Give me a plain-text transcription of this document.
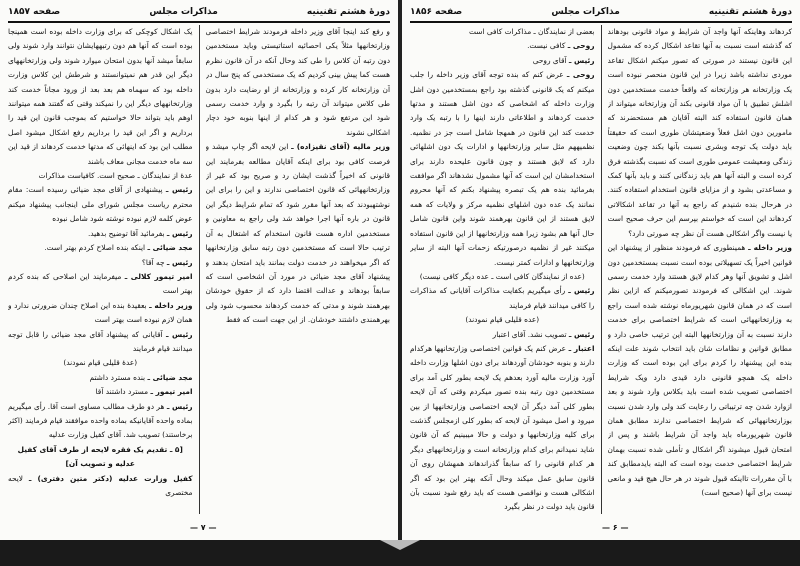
دورهٔ هشتم تقنینیه
مذاکرات مجلس
صفحه ۱۸۵۷

و رفع کند اینجا آقای وزیر داخله فرمودند شرایط اختصاصی وزارتخانهها مثلاً یکی احصائیه استاتیستی وباید مستخدمین دون رتبه آن کلاس را طی کند وحال آنکه در آن قانون نظرم هست کما پیش بینی کردیم که یک مستخدمی که پنج سال در آن وزارتخانه کار کرده و وزارتخانه از او رضایت دارد بدون طی کلاس میتواند آن رتبه را بگیرد و وارد خدمت رسمی شود این مرتفع شود و هر کدام از اینها بنوبه خود دچار اشکالی نشوند

وزیر مالیه (آقای نقیزاده) ـ این لایحه اگر چاپ میشد و فرصت کافی بود برای اینکه آقایان مطالعه بفرمایند این قانونی که اخیراً گذشت ایشان رد و صریح بود که غیر از وزارتخانههائی که قانون اختصاصی ندارند و این را برای این نوشتهبودند که بعد آنها مقرر شود که تمام شرایط دیگر این قانون در باره آنها اجرا خواهد شد ولی راجع به معاونین و مستخدمین اداره هست قانون استخدام که اشتغال به آن ترتیب حالا است که مستخدمین دون رتبه سابق وزارتخانهها که اگر میخواهند در خدمت دولت بمانند باید امتحان بدهند و پیشنهاد آقای مجد ضیائی در مورد آن اشخاصی است که سابقاً بودهاند و عدالت اقتضا دارد که از حقوق خودشان بهرهمند شوند و مدتی که خدمت کردهاند محسوب شود ولی بهرهمندی داشتند خودشان. از این جهت است که فقط

یک اشکال کوچکی که برای وزارت داخله بوده است همینجا بوده است که آنها هم دون رتبههایشان نتوانند وارد شوند ولی سابقاً میشد آنها بدون امتحان میوارد شوند ولی وزارتخانههای دیگر این قدر هم نمیتوانستند و شرطش این کلاس وزارت داخله بود که سهماه هم بعد بعد از ورود مجاناً خدمت کند وزارتخانههای دیگر این را نمیکند وقتی که گفتند همه میتوانند اوهم باید بتواند حالا خواستیم که بموجب قانون این قید را برداریم و اگر این قید را برداریم رفع اشکال میشود اصل مطلب این بود که اینهائی که مدتها خدمت کردهاند از قید این سه ماه خدمت مجانی معاف باشند

عدهٔ از نمایندگان ـ صحیح است. کافیاست مذاکرات

رئیس ـ پیشنهادی از آقای مجد ضیائی رسیده است: مقام محترم ریاست مجلس شورای ملی اینجانب پیشنهاد میکنم عوض کلمه لازم نبوده نوشته شود شامل نبوده

رئیس ـ بفرمائید آقا توضیح بدهید.

مجد ضیائی ـ اینکه بنده اصلاح کردم بهتر است.

رئیس ـ چه آقا؟

امیر تیمور کلالی ـ میفرمایند این اصلاحی که بنده کردم بهتر است

وزیر داخله ـ بعقیدهٔ بنده این اصلاح چندان ضرورتی ندارد و همان لازم نبوده است بهتر است

رئیس ـ آقایانی که پیشنهاد آقای مجد ضیائی را قابل توجه میدانند قیام فرمایند

(عدهٔ قلیلی قیام نمودند)

مجد ضیائی ـ بنده مسترد داشتم

امیر تیمور ـ مسترد داشتند آقا

رئیس ـ هر دو طرف مطالب مساوی است آقا. رأی میگیریم بماده واحده آقایانیکه بماده واحده موافقند قیام فرمایند (اکثر برخاستند) تصویب شد. آقای کفیل وزارت عدلیه

[۵ ـ تقدیم یک فقره لایحه از طرف آقای کفیل عدلیه و تصویب آن]

کفیل وزارت عدلیه (دکتر متین دفتری) ـ لایحه مختصری

— ۷ —
دورهٔ هشتم تقنینیه
مذاکرات مجلس
صفحه ۱۸۵۶

کردهاند وهاینکه آنها واجد آن شرایط و مواد قانونی بودهاند که گذشته است نسبت به آنها تقاعد اشکال کرده که مشمول این قانون نیستند در صورتی که تصور میکنم اشکال تقاعد موردی نداشته باشد زیرا در این قانون منحصر نبوده است یک وزارتخانه هر وزارتخانه که واقعاً خدمت مستخدمین دون اشلش تطبیق با آن مواد قانونی بکند آن وزارتخانه میتواند از همان قانون استفاده کند البته آقایان هم مستحضرند که مامورین دون اشل فعلاً وضعیتشان طوری است که حقیقتاً باید دولت یک توجه وبشری نسبت بآنها بکند چون وضعیت زندگی ومعیشت عمومی طوری است که نسبت بگذشته فرق کرده است و البته آنها هم باید زندگانی کنند و باید بآنها کمک و مساعدتی بشود و از مزایای قانون استخدام استفاده کنند. در هرحال بنده شنیدم که راجع به آنها در تقاعد اشکالاتی کردهاند این است که خواستم بپرسم این حرف صحیح است یا نیست واگر اشکالی هست آن نظر چه صورتی دارد؟

وزیر داخله ـ همینطوری که فرمودند منظور از پیشنهاد این قوانین اخیراً یک تسهیلاتی بوده است نسبت بمستخدمین دون اشل و تشویق آنها وهر کدام لایق هستند وارد خدمت رسمی شوند. این اشکالی که فرمودند تصورمیکنم که ازاین نظر است که در همان قانون شهریورماه نوشته شده است راجع به وزارتخانههائی است که شرایط اختصاصی برای خدمت دارند نسبت به آن وزارتخانهها البته این ترتیب خاصی دارد و مطابق قوانین و نظامات شان باید انتخاب شوند علت اینکه بنده این پیشنهاد را کردم برای این بوده است که وزارت داخله یک همچو قانونی دارد قیدی دارد ویک شرایط اختصاصی تصویب شده است باید بکلاس وارد شوند و بعد ازوارد شدن چه ترتیباتی را رعایت کند ولی وارد شدن نسبت بوزارتخانههائی که شرایط اختصاصی ندارند مطابق همان قانون شهریورماه باید واجد آن شرایط باشند و پس از امتحان قبول میشوند اگر اشکال و تأملی شده نسبت بهمان شرایط اختصاصی خدمت بوده است که البته بایدمطابق کند با آن مقررات تااینکه قبول شوند در هر حال هیچ قید و مانعی نیست برای آنها (صحیح است)

بعضی از نمایندگان ـ مذاکرات کافی است

روحی ـ کافی نیست.

رئیس ـ آقای روحی

روحی ـ عرض کنم که بنده توجه آقای وزیر داخله را جلب میکنم که یک قانونی گذشته بود راجع بمستخدمین دون اشل وزارت داخله که اشخاصی که دون اشل هستند و مدتها خدمت کردهاند و اطلاعاتی دارند اینها را با رتبه یک وارد خدمت کند این قانون در همهجا شامل است جز در نظمیه. نظمیههم مثل سایر وزارتخانهها و ادارات یک دون اشلهائی دارد که لایق هستند و چون قانون علیحده دارند برای استخدامشان این است که آنها مشمول نشدهاند اگر موافقت بفرمائید بنده هم یک تبصره پیشنهاد بکنم که آنها محروم نمانند یک عده دون اشلهای نظمیه مرکز و ولایات که همه لایق هستند از این قانون بهرهمند شوند واین قانون شامل حال آنها هم بشود زیرا همه وزارتخانهها از این قانون استفاده میکنند غیر از نظمیه درصورتیکه زحمات آنها البته از سایر وزارتخانهها و ادارات کمتر نیست.

(عده از نمایندگان کافی است ـ عده دیگر کافی نیست)

رئیس ـ رأی میگیریم بکفایت مذاکرات آقایانی که مذاکرات را کافی میدانند قیام فرمایند

(عده قلیلی قیام نمودند)

رئیس ـ تصویب نشد. آقای اعتبار

اعتبار ـ عرض کنم یک قوانین اختصاصی وزارتخانهها هرکدام دارند و بنوبه خودشان آوردهاند برای دون اشلها وزارت داخله آورد وزارت مالیه آورد بعدهم یک لایحه بطور کلی آمد برای مستخدمین دون رتبه بنده تصور میکردم وقتی که آن لایحه بطور کلی آمد دیگر آن لایحه اختصاصی وزارتخانهها از بین میرود و اصل میشود آن لایحه که بطور کلی ازمجلس گذشت برای کلیه وزارتخانهها و دولت و حالا میبینیم که آن قانون شاید نمیدانم برای کدام وزارتخانه است و وزارتخانههای دیگر هر کدام قانونی را که سابقاً گذراندهاند همهشان روی آن قانون سابق عمل میکند وحال آنکه بهتر این بود که اگر اشکالی هست و نواقصی هست که باید رفع شود نسبت بآن قانون باید دولت در نظر بگیرد

— ۶ —
